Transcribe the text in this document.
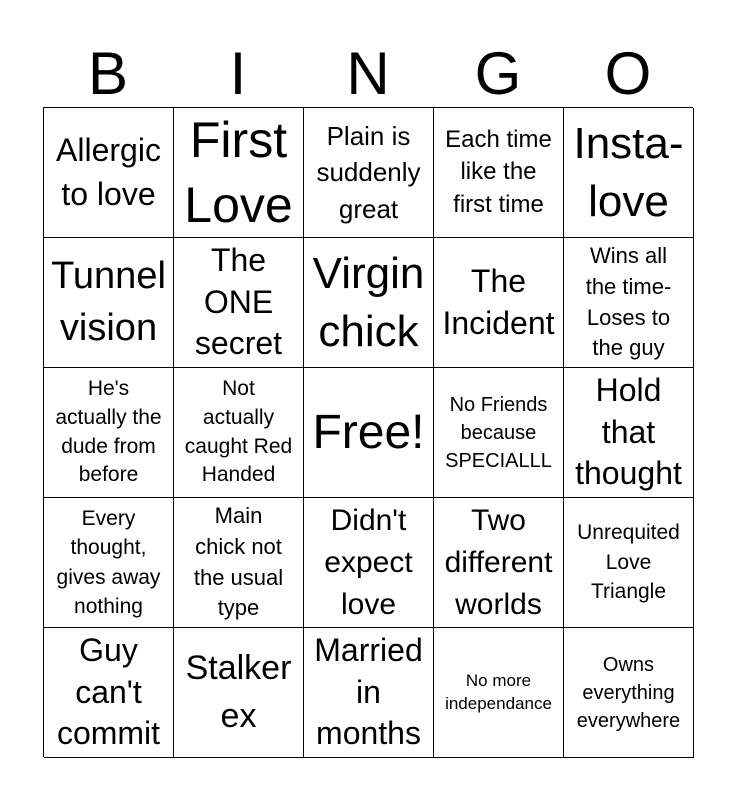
B	I	N	G	O
Allergic
to love
First
Love
Plain is
suddenly
great
Each time
like the
first time
Insta-
love
Tunnel
vision
The
ONE
secret
Virgin
chick
The
Incident
Wins all
the time-
Loses to
the guy
He's
actually the
dude from
before
Not
actually
caught Red
Handed
Free!
No Friends
because
SPECIALLL
Hold
that
thought
Every
thought,
gives away
nothing
Main
chick not
the usual
type
Didn't
expect
love
Two
different
worlds
Unrequited
Love
Triangle
Guy
can't
commit
Stalker
ex
Married
in
months
No more
independance
Owns
everything
everywhere
